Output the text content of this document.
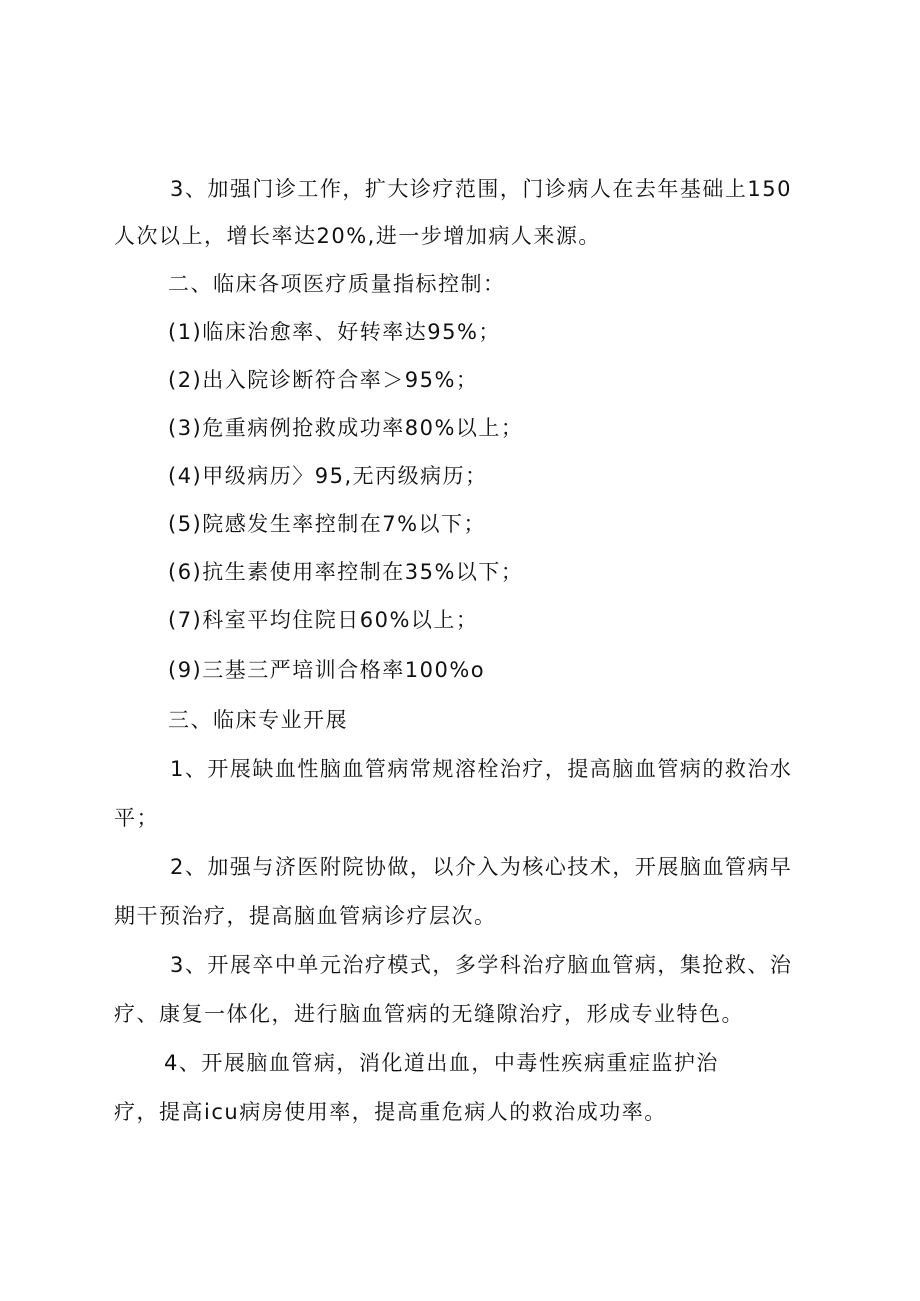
3、加强门诊工作，扩大诊疗范围，门诊病人在去年基础上150
人次以上，增长率达20%,进一步增加病人来源。
二、临床各项医疗质量指标控制：
(1)临床治愈率、好转率达95%；
(2)出入院诊断符合率＞95%；
(3)危重病例抢救成功率80%以上；
(4)甲级病历〉95,无丙级病历；
(5)院感发生率控制在7%以下；
(6)抗生素使用率控制在35%以下；
(7)科室平均住院日60%以上；
(9)三基三严培训合格率100%o
三、临床专业开展
1、开展缺血性脑血管病常规溶栓治疗，提高脑血管病的救治水
平；
2、加强与济医附院协做，以介入为核心技术，开展脑血管病早
期干预治疗，提高脑血管病诊疗层次。
3、开展卒中单元治疗模式，多学科治疗脑血管病，集抢救、治
疗、康复一体化，进行脑血管病的无缝隙治疗，形成专业特色。
4、开展脑血管病，消化道出血，中毒性疾病重症监护治
疗，提高icu病房使用率，提高重危病人的救治成功率。
